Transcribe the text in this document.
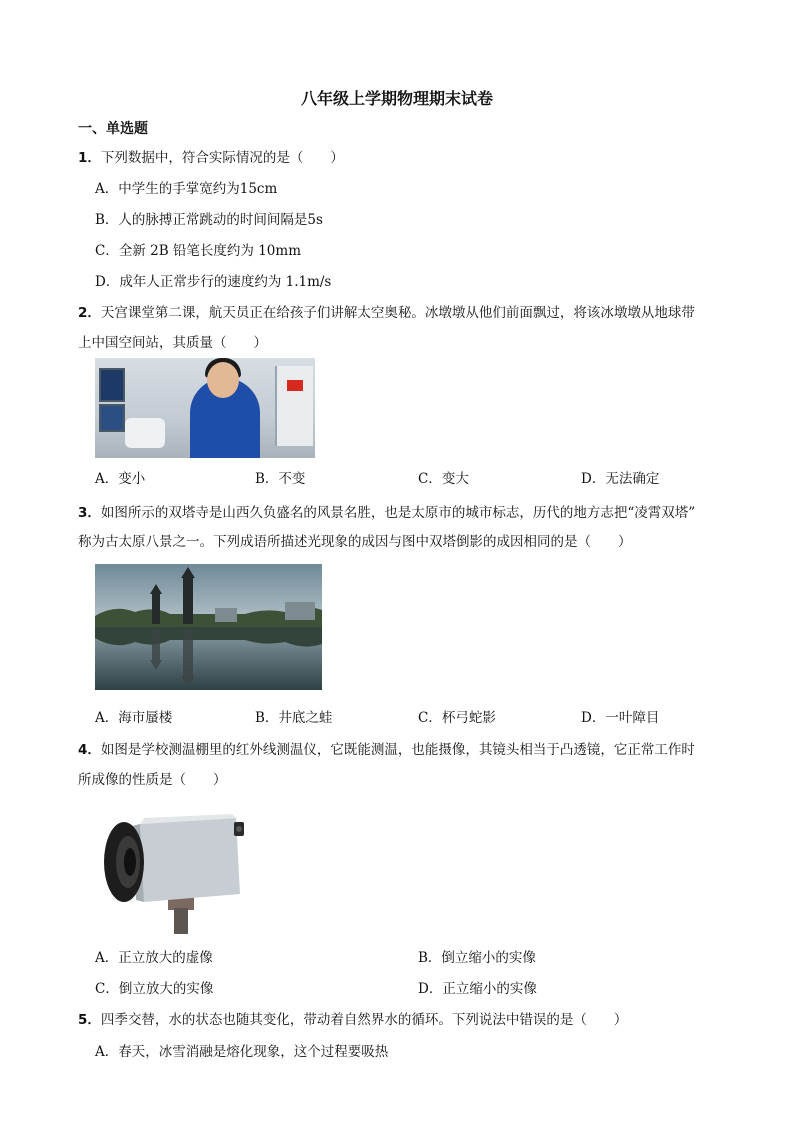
八年级上学期物理期末试卷
一、单选题
1．下列数据中，符合实际情况的是（　　）
A．中学生的手掌宽约为15cm
B．人的脉搏正常跳动的时间间隔是5s
C．全新 2B 铅笔长度约为 10mm
D．成年人正常步行的速度约为 1.1m/s
2．天宫课堂第二课，航天员正在给孩子们讲解太空奥秘。冰墩墩从他们前面飘过，将该冰墩墩从地球带
上中国空间站，其质量（　　）
A．变小	B．不变	C．变大	D．无法确定
3．如图所示的双塔寺是山西久负盛名的风景名胜，也是太原市的城市标志，历代的地方志把“凌霄双塔”
称为古太原八景之一。下列成语所描述光现象的成因与图中双塔倒影的成因相同的是（　　）
A．海市蜃楼	B．井底之蛙	C．杯弓蛇影	D．一叶障目
4．如图是学校测温棚里的红外线测温仪，它既能测温，也能摄像，其镜头相当于凸透镜，它正常工作时
所成像的性质是（　　）
A．正立放大的虚像	B．倒立缩小的实像
C．倒立放大的实像	D．正立缩小的实像
5．四季交替，水的状态也随其变化，带动着自然界水的循环。下列说法中错误的是（　　）
A．春天，冰雪消融是熔化现象，这个过程要吸热
